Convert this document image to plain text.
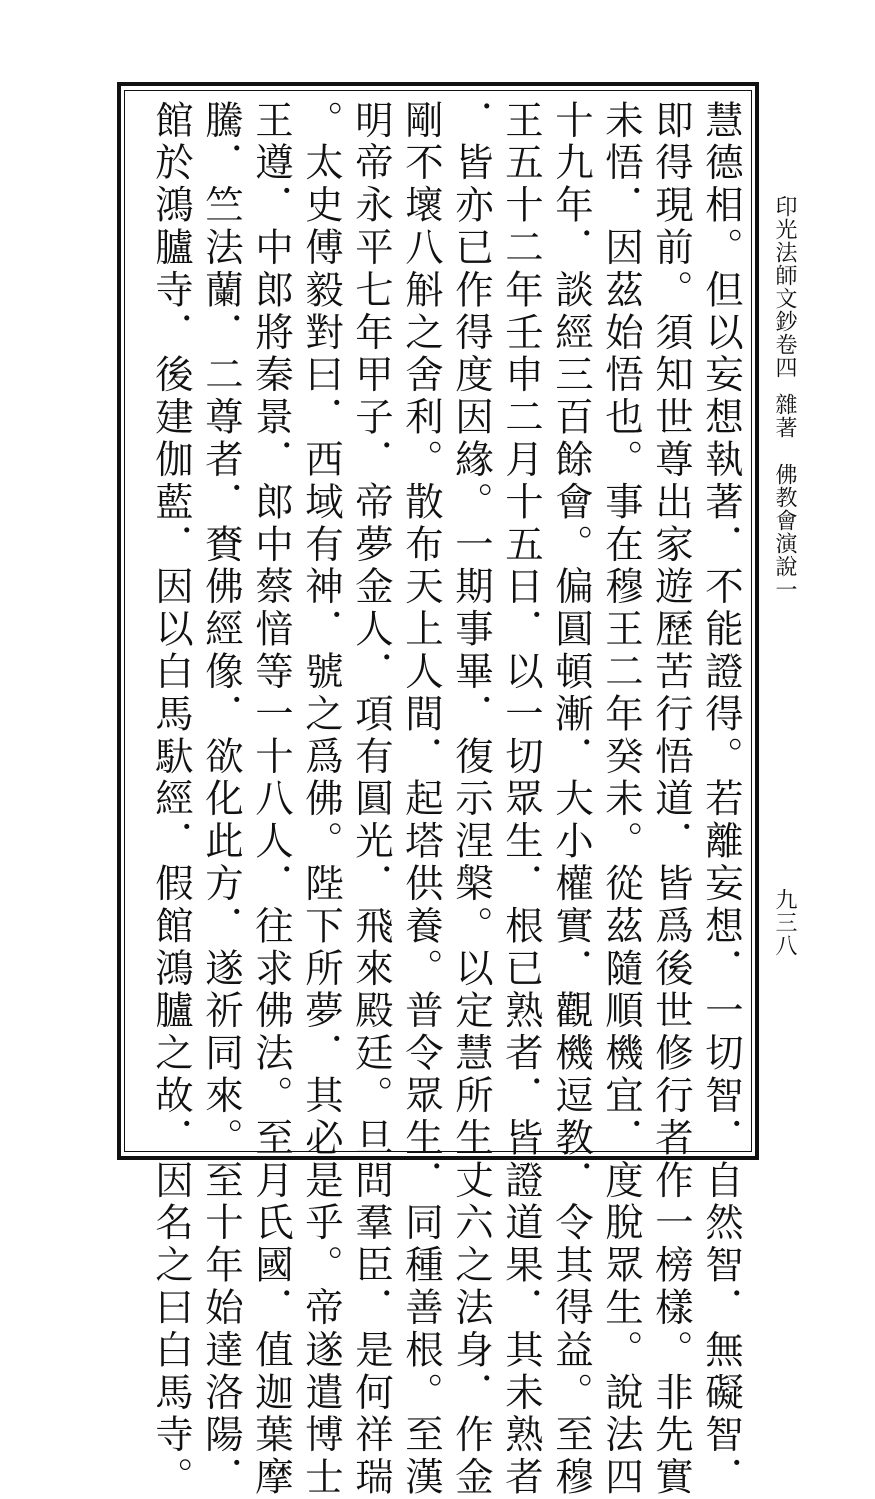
印光法師文鈔卷四雜著佛教會演說一
九三八
慧德相。但以妄想執著．不能證得。若離妄想．一切智．自然智．無礙智．
即得現前。須知世尊出家遊歷苦行悟道．皆爲後世修行者作一榜樣。非先實
未悟．因茲始悟也。事在穆王二年癸未。從茲隨順機宜．度脫眾生。說法四
十九年．談經三百餘會。偏圓頓漸．大小權實．觀機逗教．令其得益。至穆
王五十二年壬申二月十五日．以一切眾生．根已熟者．皆證道果．其未熟者
．皆亦已作得度因緣。一期事畢．復示涅槃。以定慧所生丈六之法身．作金
剛不壞八斛之舍利。散布天上人間．起塔供養。普令眾生．同種善根。至漢
明帝永平七年甲子．帝夢金人．項有圓光．飛來殿廷。旦問羣臣．是何祥瑞
。太史傅毅對曰．西域有神．號之爲佛。陛下所夢．其必是乎。帝遂遣博士
王遵．中郎將秦景．郎中蔡愔等一十八人．往求佛法。至月氏國．值迦葉摩
騰．竺法蘭．二尊者．賚佛經像．欲化此方．遂祈同來。至十年始達洛陽．
館於鴻臚寺．後建伽藍．因以白馬馱經．假館鴻臚之故．因名之曰白馬寺。
